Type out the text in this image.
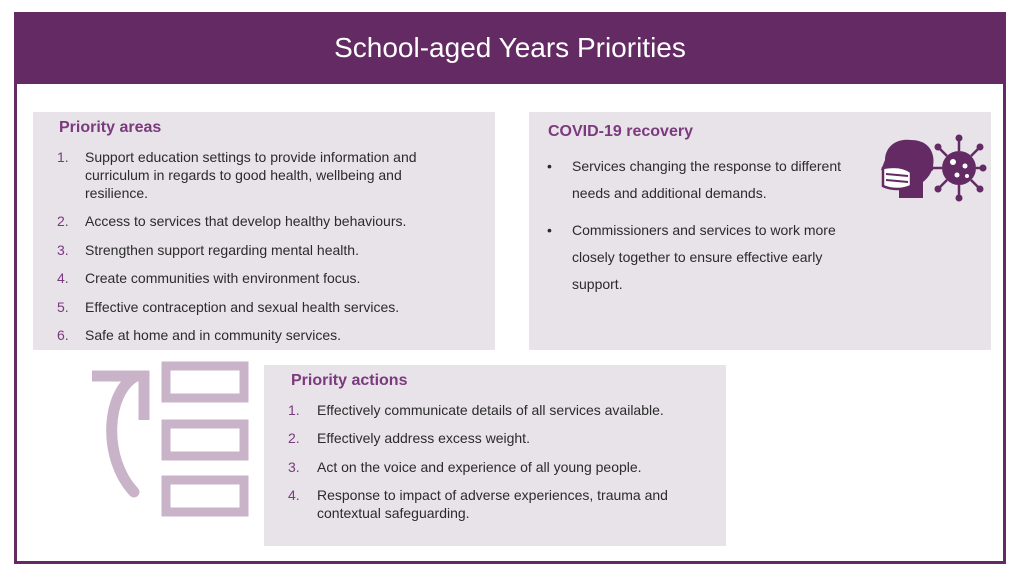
School-aged Years Priorities
Priority areas
1. Support education settings to provide information and curriculum in regards to good health, wellbeing and resilience.
2. Access to services that develop healthy behaviours.
3. Strengthen support regarding mental health.
4. Create communities with environment focus.
5. Effective contraception and sexual health services.
6. Safe at home and in community services.
COVID-19 recovery
• Services changing the response to different needs and additional demands.
• Commissioners and services to work more closely together to ensure effective early support.
Priority actions
1. Effectively communicate details of all services available.
2. Effectively address excess weight.
3. Act on the voice and experience of all young people.
4. Response to impact of adverse experiences, trauma and contextual safeguarding.
